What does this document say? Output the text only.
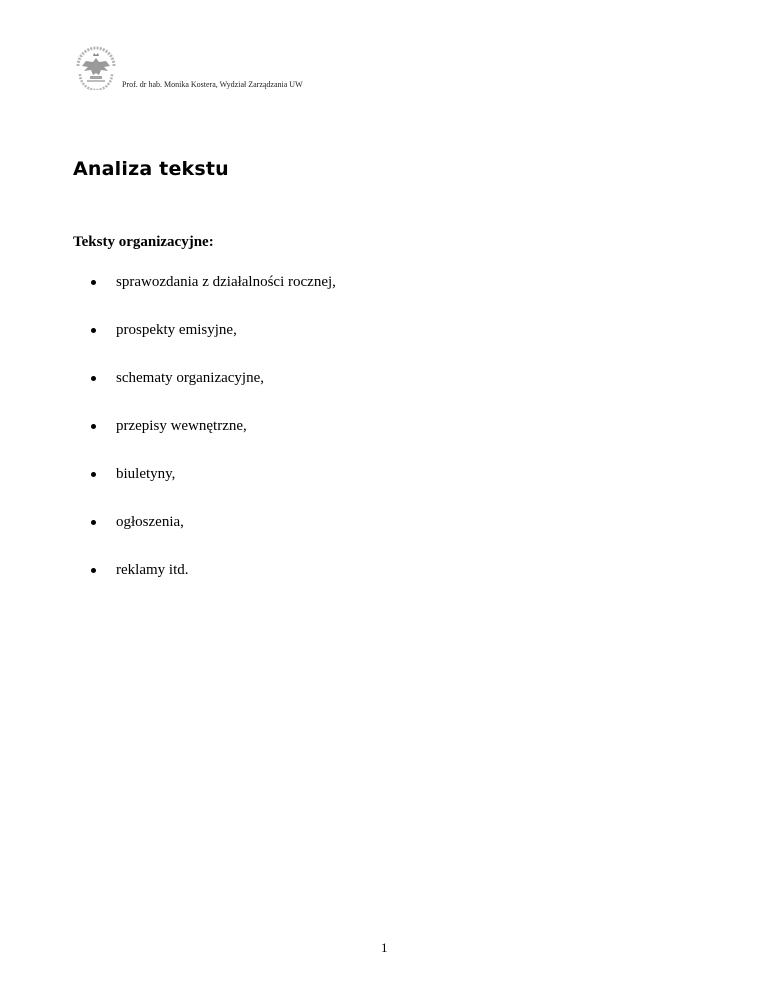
Prof. dr hab. Monika Kostera, Wydział Zarządzania UW
Analiza tekstu
Teksty organizacyjne:
sprawozdania z działalności rocznej,
prospekty emisyjne,
schematy organizacyjne,
przepisy wewnętrzne,
biuletyny,
ogłoszenia,
reklamy itd.
1
